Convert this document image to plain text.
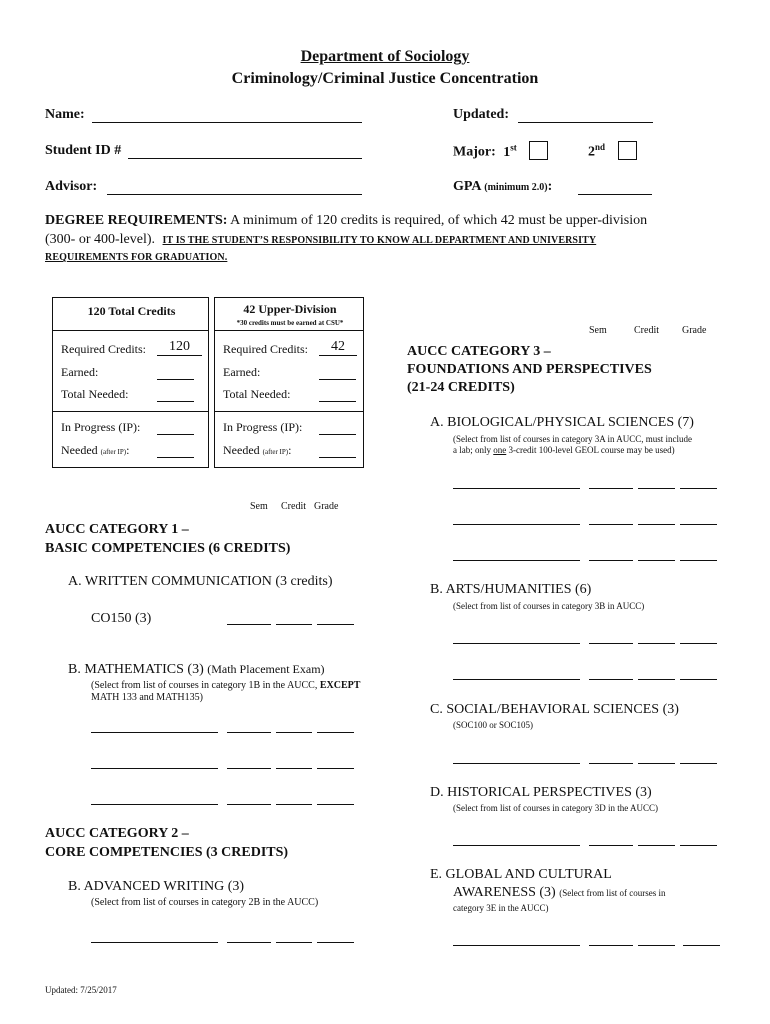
Department of Sociology
Criminology/Criminal Justice Concentration
Name:	Updated:
Student ID #	Major: 1st	2nd
Advisor:	GPA (minimum 2.0):
DEGREE REQUIREMENTS: A minimum of 120 credits is required, of which 42 must be upper-division
(300- or 400-level). IT IS THE STUDENT’S RESPONSIBILITY TO KNOW ALL DEPARTMENT AND UNIVERSITY
REQUIREMENTS FOR GRADUATION.
120 Total Credits
Required Credits:	120
Earned:
Total Needed:
In Progress (IP):
Needed (after IP):
42 Upper-Division
*30 credits must be earned at CSU*
Required Credits:	42
Earned:
Total Needed:
In Progress (IP):
Needed (after IP):
Sem	Credit Grade
Sem Credit Grade
AUCC CATEGORY 1 –
BASIC COMPETENCIES (6 CREDITS)
A. WRITTEN COMMUNICATION (3 credits)
CO150 (3)
B. MATHEMATICS (3) (Math Placement Exam)
(Select from list of courses in category 1B in the AUCC, EXCEPT
MATH 133 and MATH135)
AUCC CATEGORY 2 –
CORE COMPETENCIES (3 CREDITS)
B. ADVANCED WRITING (3)
(Select from list of courses in category 2B in the AUCC)
AUCC CATEGORY 3 –
FOUNDATIONS AND PERSPECTIVES
(21-24 CREDITS)
A. BIOLOGICAL/PHYSICAL SCIENCES (7)
(Select from list of courses in category 3A in AUCC, must include
a lab; only one 3-credit 100-level GEOL course may be used)
B. ARTS/HUMANITIES (6)
(Select from list of courses in category 3B in AUCC)
C. SOCIAL/BEHAVIORAL SCIENCES (3)
(SOC100 or SOC105)
D. HISTORICAL PERSPECTIVES (3)
(Select from list of courses in category 3D in the AUCC)
E. GLOBAL AND CULTURAL
AWARENESS (3) (Select from list of courses in
category 3E in the AUCC)
Updated: 7/25/2017
